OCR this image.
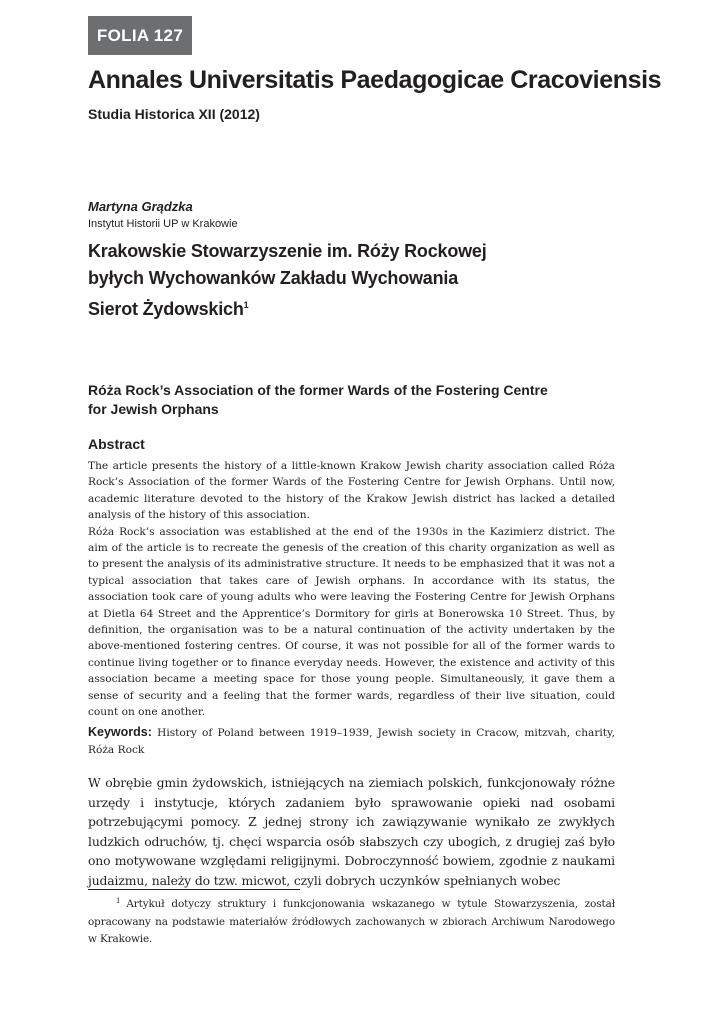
FOLIA 127
Annales Universitatis Paedagogicae Cracoviensis
Studia Historica XII (2012)
Martyna Grądzka
Instytut Historii UP w Krakowie
Krakowskie Stowarzyszenie im. Róży Rockowej
byłych Wychowanków Zakładu Wychowania
Sierot Żydowskich$^1$
Róża Rock’s Association of the former Wards of the Fostering Centre
for Jewish Orphans
Abstract

The article presents the history of a little-known Krakow Jewish charity association called Róża Rock’s Association of the former Wards of the Fostering Centre for Jewish Orphans. Until now, academic literature devoted to the history of the Krakow Jewish district has lacked a detailed analysis of the history of this association.

Róża Rock’s association was established at the end of the 1930s in the Kazimierz district. The aim of the article is to recreate the genesis of the creation of this charity organization as well as to present the analysis of its administrative structure. It needs to be emphasized that it was not a typical association that takes care of Jewish orphans. In accordance with its status, the association took care of young adults who were leaving the Fostering Centre for Jewish Orphans at Dietla 64 Street and the Apprentice’s Dormitory for girls at Bonerowska 10 Street. Thus, by definition, the organisation was to be a natural continuation of the activity undertaken by the above-mentioned fostering centres. Of course, it was not possible for all of the former wards to continue living together or to finance everyday needs. However, the existence and activity of this association became a meeting space for those young people. Simultaneously, it gave them a sense of security and a feeling that the former wards, regardless of their live situation, could count on one another.

Keywords: History of Poland between 1919–1939, Jewish society in Cracow, mitzvah, charity, Róża Rock

W obrębie gmin żydowskich, istniejących na ziemiach polskich, funkcjonowały różne urzędy i instytucje, których zadaniem było sprawowanie opieki nad osobami potrzebującymi pomocy. Z jednej strony ich zawiązywanie wynikało ze zwykłych ludzkich odruchów, tj. chęci wsparcia osób słabszych czy ubogich, z drugiej zaś było ono motywowane względami religijnymi. Dobroczynność bowiem, zgodnie z naukami judaizmu, należy do tzw. micwot, czyli dobrych uczynków spełnianych wobec

$^1$ Artykuł dotyczy struktury i funkcjonowania wskazanego w tytule Stowarzyszenia, został opracowany na podstawie materiałów źródłowych zachowanych w zbiorach Archiwum Narodowego w Krakowie.
